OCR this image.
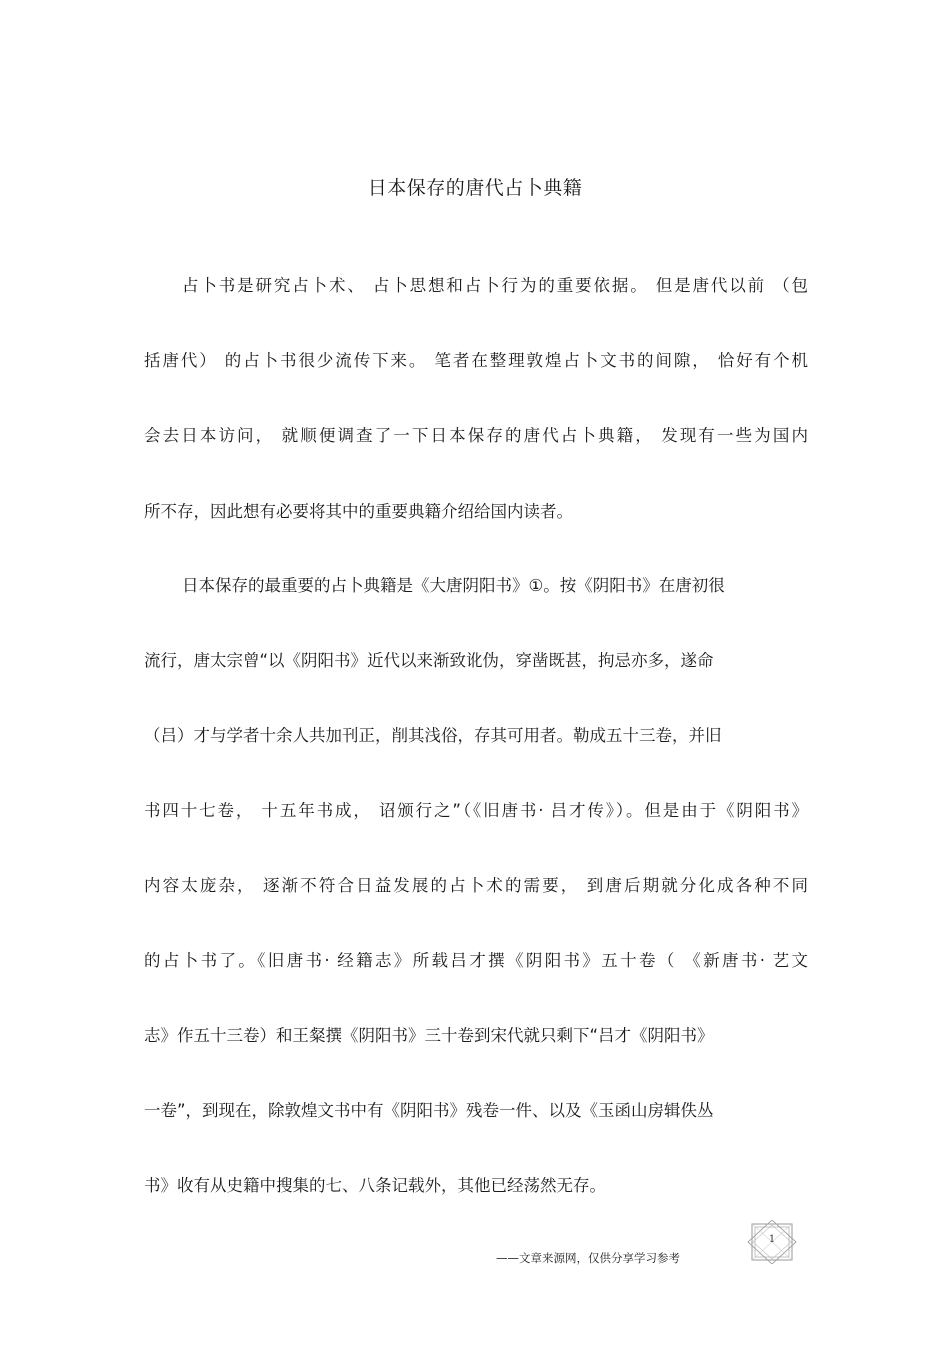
日本保存的唐代占卜典籍
占卜书是研究占卜术、 占卜思想和占卜行为的重要依据。 但是唐代以前 （包
括唐代） 的占卜书很少流传下来。 笔者在整理敦煌占卜文书的间隙， 恰好有个机
会去日本访问， 就顺便调查了一下日本保存的唐代占卜典籍， 发现有一些为国内
所不存，因此想有必要将其中的重要典籍介绍给国内读者。
日本保存的最重要的占卜典籍是《大唐阴阳书》①。按《阴阳书》在唐初很
流行，唐太宗曾“以《阴阳书》近代以来渐致讹伪，穿凿既甚，拘忌亦多，遂命
（吕）才与学者十余人共加刊正，削其浅俗，存其可用者。勒成五十三卷，并旧
书四十七卷， 十五年书成， 诏颁行之”（《旧唐书· 吕才传》）。但是由于《阴阳书》
内容太庞杂， 逐渐不符合日益发展的占卜术的需要， 到唐后期就分化成各种不同
的占卜书了。《旧唐书· 经籍志》所载吕才撰《阴阳书》五十卷（ 《新唐书· 艺文
志》作五十三卷）和王粲撰《阴阳书》三十卷到宋代就只剩下“吕才《阴阳书》
一卷”，到现在，除敦煌文书中有《阴阳书》残卷一件、以及《玉函山房辑佚丛
书》收有从史籍中搜集的七、八条记载外，其他已经荡然无存。
——文章来源网，仅供分享学习参考
1
